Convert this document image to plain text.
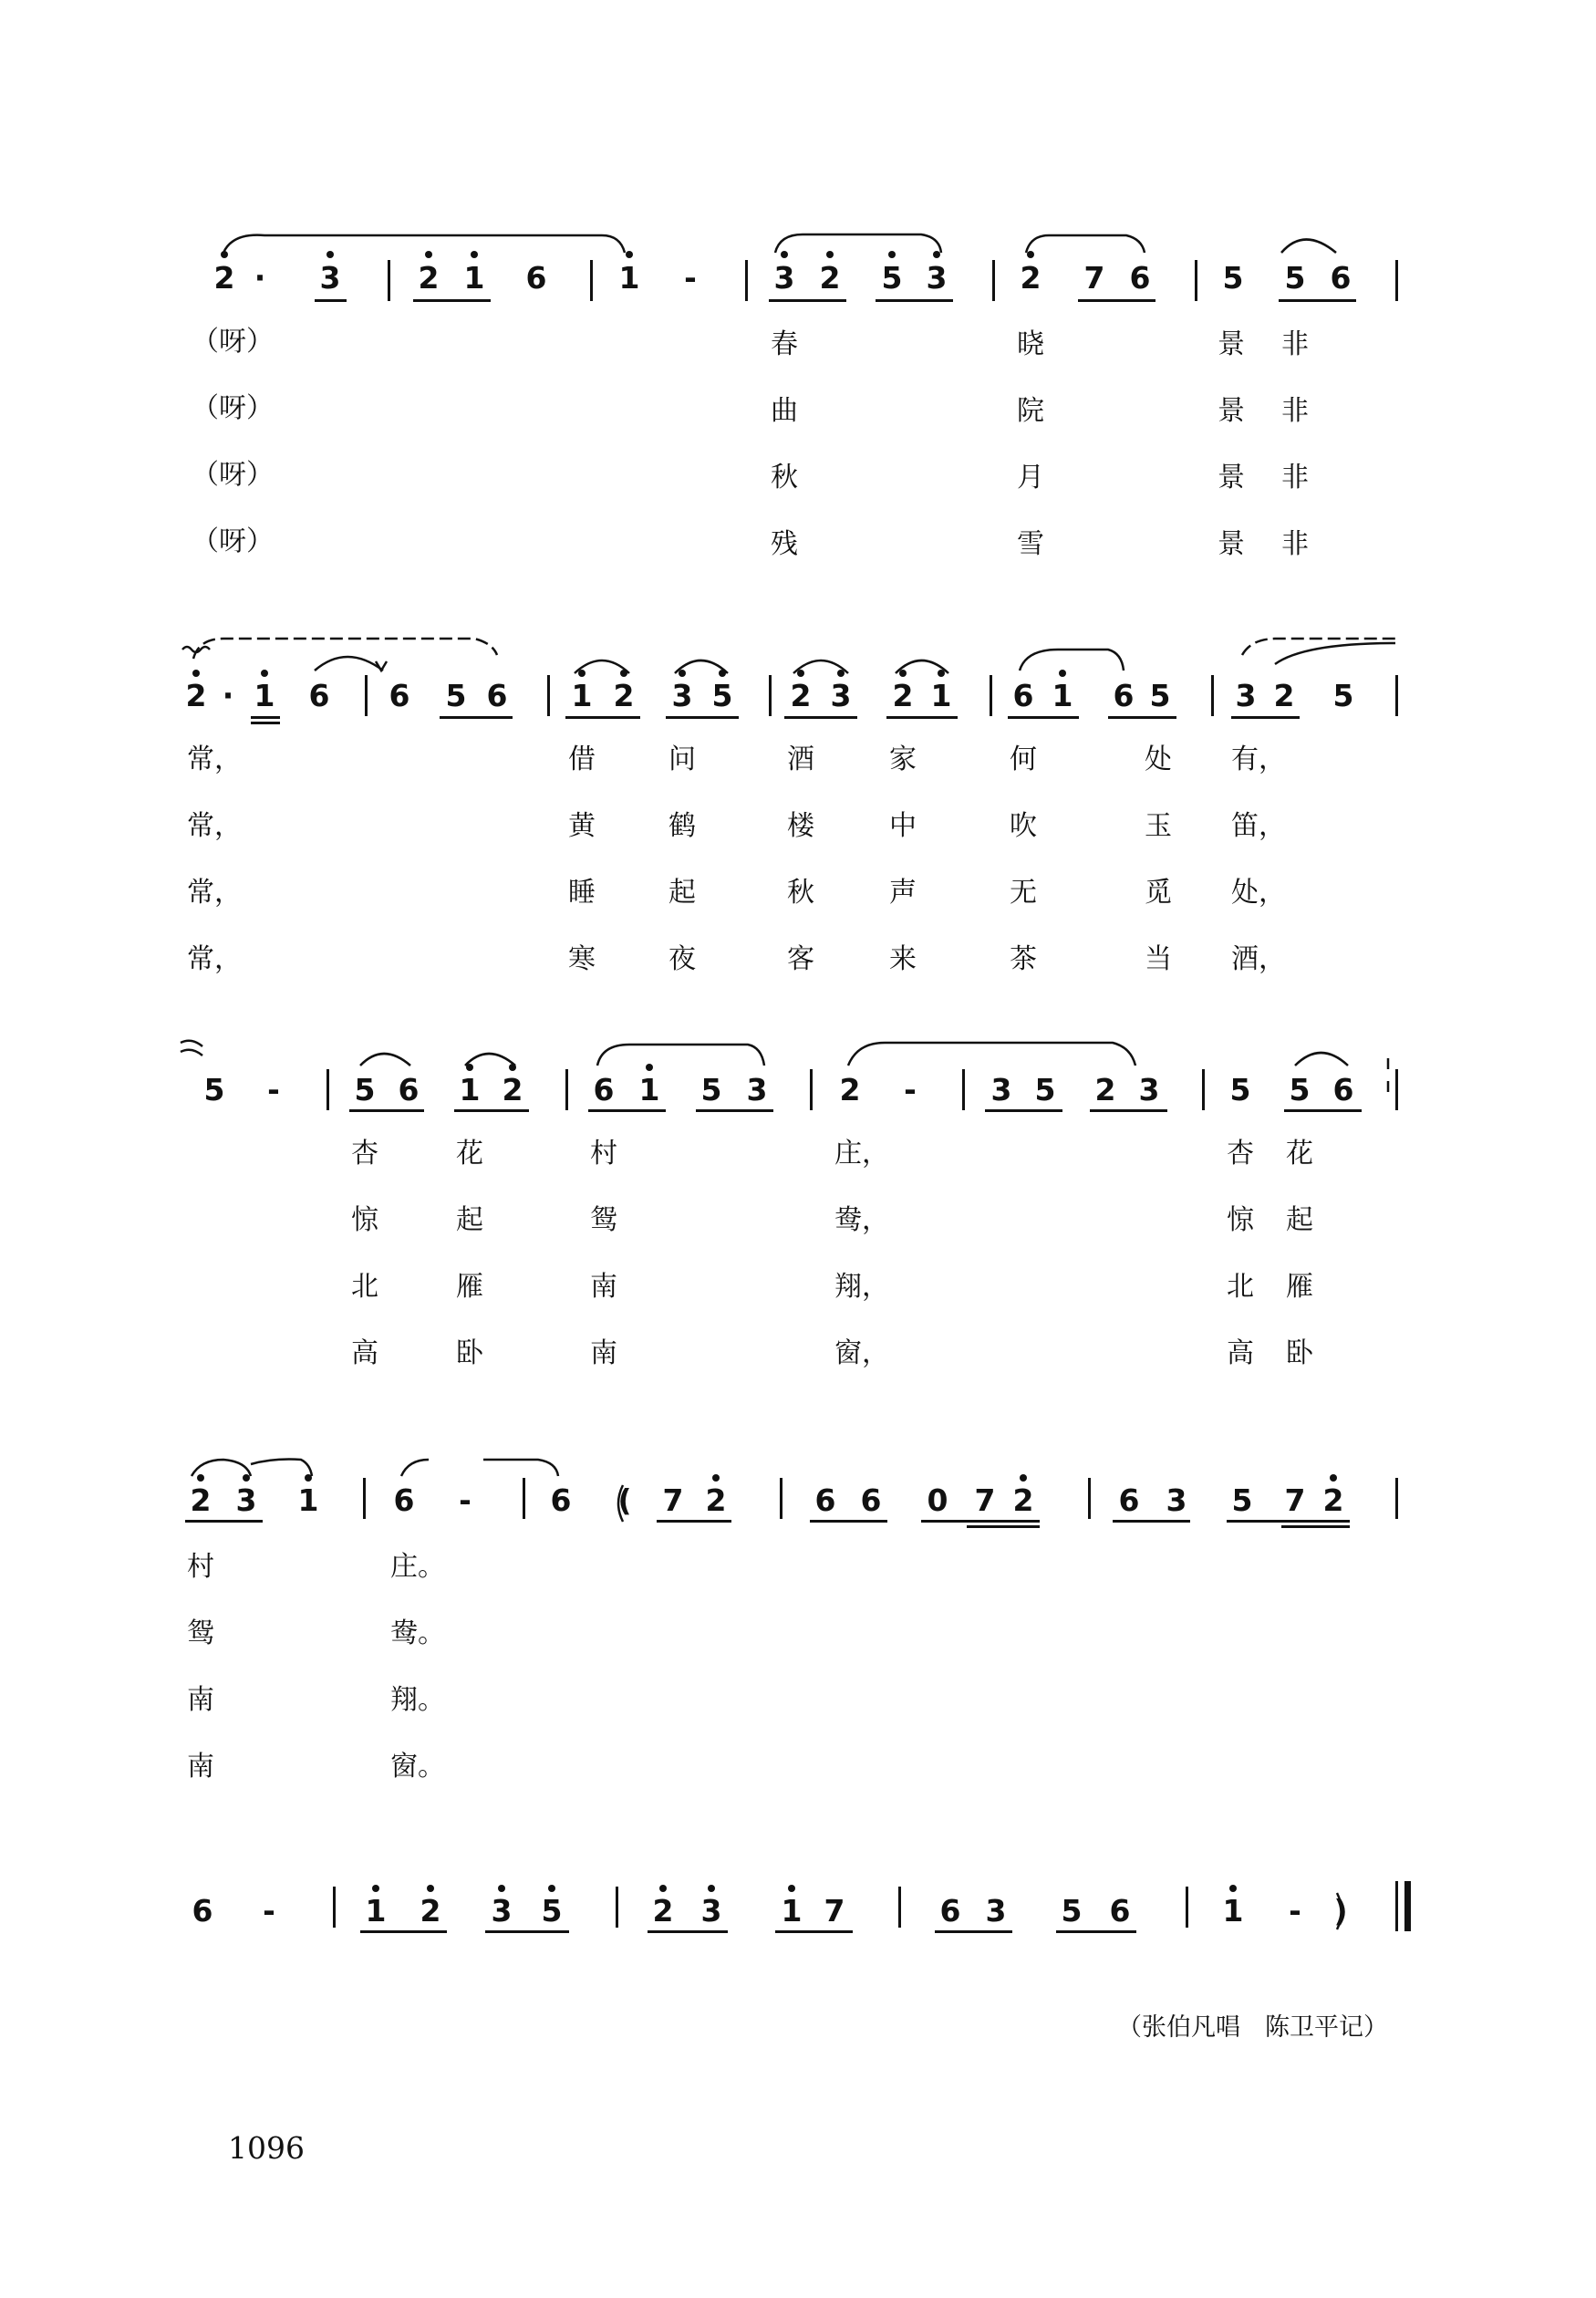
2 ·	3	2 1	6	1	-	3 2	5 3	2	7 6	5	5 6
（呀）	春	晓	景	非
（呀）	曲	院	景	非
（呀）	秋	月	景	非
（呀）	残	雪	景	非
2 · 1	6	6	5 6	1 2	3 5	2 3	2 1	6 1	6 5	3 2	5
常，	借	问	酒	家	何	处	有，
常，	黄	鹤	楼	中	吹	玉	笛，
常，	睡	起	秋	声	无	觅	处，
常，	寒	夜	客	来	茶	当	酒，
5	-	5 6	1 2	6 1	5 3	2	-	3 5	2 3	5	5 6
杏	花	村	庄，	杏	花
惊	起	鸳	鸯，	惊	起
北	雁	南	翔，	北	雁
高	卧	南	窗，	高	卧
2 3	1	6	-	6	(	7 2	6 6	0 7 2	6 3	5	7 2
村	庄。
鸳	鸯。
南	翔。
南	窗。
6	-	1	2	3 5	2 3	1 7	6 3	5 6	1	-	)
（张伯凡唱　陈卫平记）
1096
